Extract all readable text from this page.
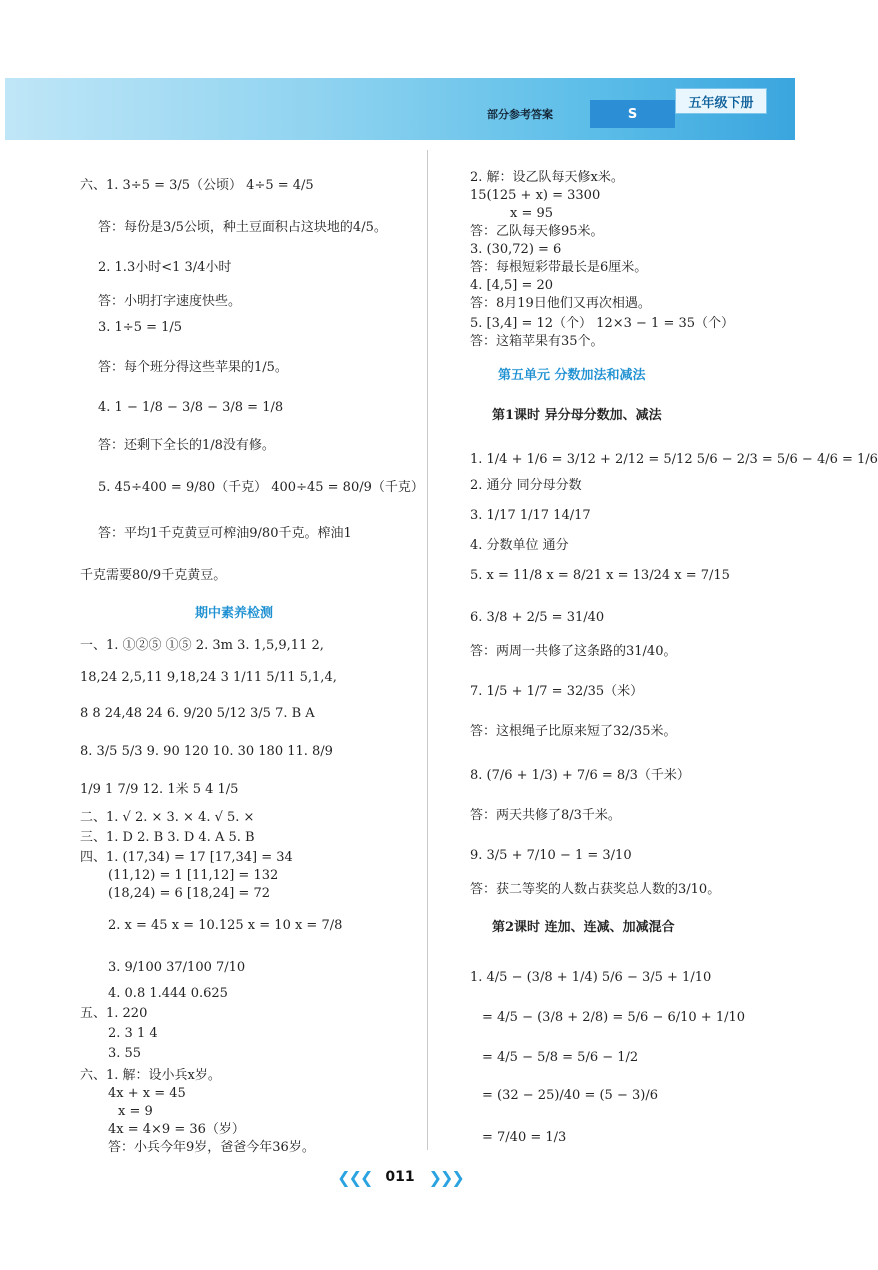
部分参考答案	S
五年级下册
六、1. 3÷5 = 3/5（公顷） 4÷5 = 4/5
答：每份是3/5公顷，种土豆面积占这块地的4/5。
2. 1.3小时<1 3/4小时
答：小明打字速度快些。
3. 1÷5 = 1/5
答：每个班分得这些苹果的1/5。
4. 1 − 1/8 − 3/8 − 3/8 = 1/8
答：还剩下全长的1/8没有修。
5. 45÷400 = 9/80（千克） 400÷45 = 80/9（千克）
答：平均1千克黄豆可榨油9/80千克。榨油1
千克需要80/9千克黄豆。
期中素养检测
一、1. ①②⑤ ①⑤ 2. 3m 3. 1,5,9,11 2,
18,24 2,5,11 9,18,24 3 1/11 5/11 5,1,4,
8 8 24,48 24 6. 9/20 5/12 3/5 7. B A
8. 3/5 5/3 9. 90 120 10. 30 180 11. 8/9
1/9 1 7/9 12. 1米 5 4 1/5
二、1. √ 2. × 3. × 4. √ 5. ×
三、1. D 2. B 3. D 4. A 5. B
四、1. (17,34) = 17 [17,34] = 34
(11,12) = 1 [11,12] = 132
(18,24) = 6 [18,24] = 72
2. x = 45 x = 10.125 x = 10 x = 7/8
3. 9/100 37/100 7/10
4. 0.8 1.444 0.625
五、1. 220
2. 3 1 4
3. 55
六、1. 解：设小兵x岁。
4x + x = 45
x = 9
4x = 4×9 = 36（岁）
答：小兵今年9岁，爸爸今年36岁。
2. 解：设乙队每天修x米。
15(125 + x) = 3300
x = 95
答：乙队每天修95米。
3. (30,72) = 6
答：每根短彩带最长是6厘米。
4. [4,5] = 20
答：8月19日他们又再次相遇。
5. [3,4] = 12（个） 12×3 − 1 = 35（个）
答：这箱苹果有35个。
第五单元 分数加法和减法
第1课时 异分母分数加、减法
1. 1/4 + 1/6 = 3/12 + 2/12 = 5/12 5/6 − 2/3 = 5/6 − 4/6 = 1/6
2. 通分 同分母分数
3. 1/17 1/17 14/17
4. 分数单位 通分
5. x = 11/8 x = 8/21 x = 13/24 x = 7/15
6. 3/8 + 2/5 = 31/40
答：两周一共修了这条路的31/40。
7. 1/5 + 1/7 = 32/35（米）
答：这根绳子比原来短了32/35米。
8. (7/6 + 1/3) + 7/6 = 8/3（千米）
答：两天共修了8/3千米。
9. 3/5 + 7/10 − 1 = 3/10
答：获二等奖的人数占获奖总人数的3/10。
第2课时 连加、连减、加减混合
1. 4/5 − (3/8 + 1/4) 5/6 − 3/5 + 1/10
= 4/5 − (3/8 + 2/8) = 5/6 − 6/10 + 1/10
= 4/5 − 5/8 = 5/6 − 1/2
= (32 − 25)/40 = (5 − 3)/6
= 7/40 = 1/3
❮❮❮ 011 ❯❯❯
